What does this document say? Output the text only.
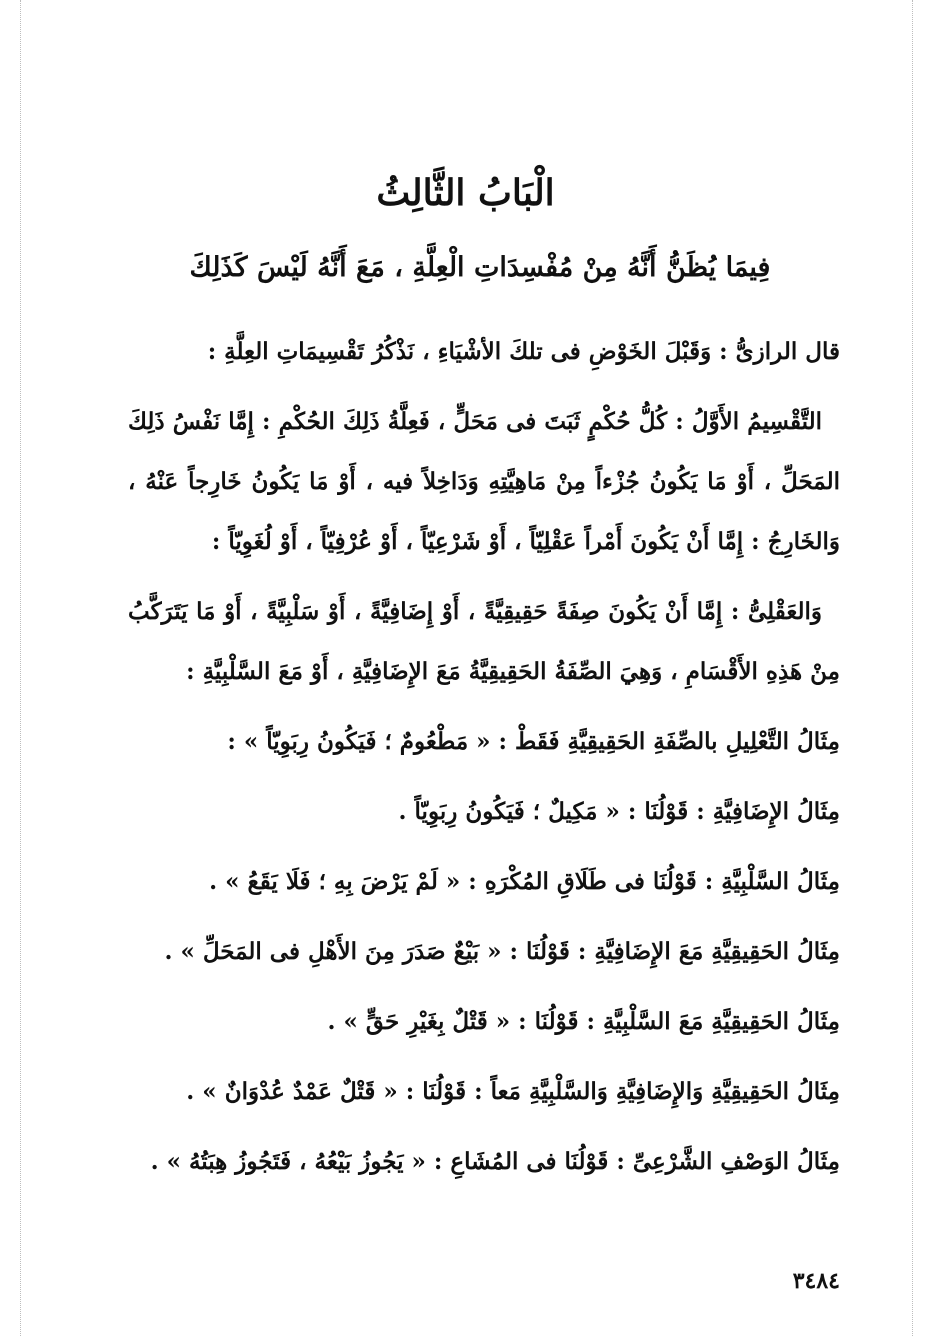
الْبَابُ الثَّالِثُ
فِيمَا يُظَنُّ أَنَّهُ مِنْ مُفْسِدَاتِ الْعِلَّةِ ، مَعَ أَنَّهُ لَيْسَ كَذَلِكَ

قال الرازىُّ : وَقَبْلَ الخَوْضِ فى تلكَ الأشْيَاءِ ، نَذْكُرُ تَقْسِيمَاتِ العِلَّةِ :

التَّقْسِيمُ الأَوَّلُ : كُلُّ حُكْمٍ ثَبَتَ فى مَحَلٍّ ، فَعِلَّةُ ذَلِكَ الحُكْمِ : إِمَّا نَفْسُ ذَلِكَ المَحَلِّ ، أَوْ مَا يَكُونُ جُزْءاً مِنْ مَاهِيَّتِهِ وَدَاخِلاً فيه ، أَوْ مَا يَكُونُ خَارِجاً عَنْهُ ، وَالخَارِجُ : إِمَّا أَنْ يَكُونَ أَمْراً عَقْلِيّاً ، أَوْ شَرْعِيّاً ، أَوْ عُرْفِيّاً ، أَوْ لُغَوِيّاً :

وَالعَقْلِىُّ : إِمَّا أَنْ يَكُونَ صِفَةً حَقِيقِيَّةً ، أَوْ إِضَافِيَّةً ، أَوْ سَلْبِيَّةً ، أَوْ مَا يَتَرَكَّبُ مِنْ هَذِهِ الأَقْسَامِ ، وَهِيَ الصِّفَةُ الحَقِيقِيَّةُ مَعَ الإِضَافِيَّةِ ، أَوْ مَعَ السَّلْبِيَّةِ :

مِثَالُ التَّعْلِيلِ بالصِّفَةِ الحَقِيقِيَّةِ فَقَطْ : « مَطْعُومٌ ؛ فَيَكُونُ رِبَوِيّاً » :

مِثَالُ الإِضَافِيَّةِ : قَوْلُنَا : « مَكِيلٌ ؛ فَيَكُونُ رِبَوِيّاً .

مِثَالُ السَّلْبِيَّةِ : قَوْلُنَا فى طَلَاقِ المُكْرَهِ : « لَمْ يَرْضَ بِهِ ؛ فَلَا يَقَعُ » .

مِثَالُ الحَقِيقِيَّةِ مَعَ الإِضَافِيَّةِ : قَوْلُنَا : « بَيْعٌ صَدَرَ مِنَ الأَهْلِ فى المَحَلِّ » .

مِثَالُ الحَقِيقِيَّةِ مَعَ السَّلْبِيَّةِ : قَوْلُنَا : « قَتْلٌ بِغَيْرِ حَقٍّ » .

مِثَالُ الحَقِيقِيَّةِ وَالإِضَافِيَّةِ وَالسَّلْبِيَّةِ مَعاً : قَوْلُنَا : « قَتْلٌ عَمْدٌ عُدْوَانٌ » .

مِثَالُ الوَصْفِ الشَّرْعِىِّ : قَوْلُنَا فى المُشَاعِ : « يَجُوزُ بَيْعُهُ ، فَتَجُوزُ هِبَتُهُ » .

٣٤٨٤
